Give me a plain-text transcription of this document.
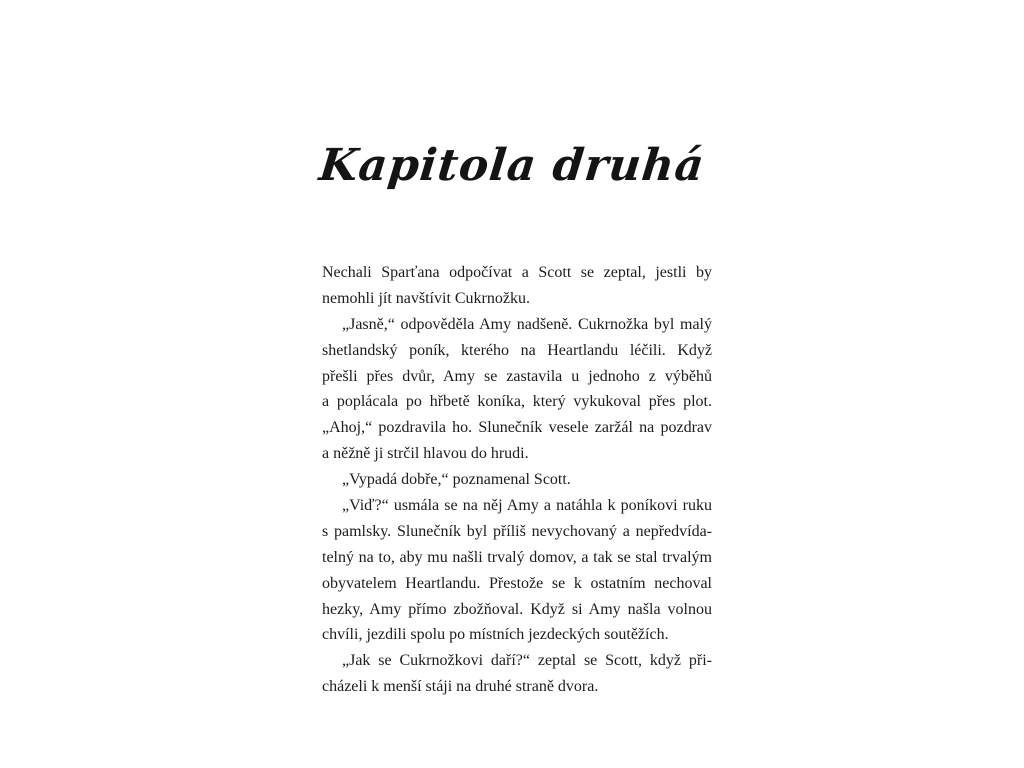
Kapitola druhá
Nechali Sparťana odpočívat a Scott se zeptal, jestli by
nemohli jít navštívit Cukrnožku.
„Jasně,“ odpověděla Amy nadšeně. Cukrnožka byl malý
shetlandský poník, kterého na Heartlandu léčili. Když
přešli přes dvůr, Amy se zastavila u jednoho z výběhů
a poplácala po hřbetě koníka, který vykukoval přes plot.
„Ahoj,“ pozdravila ho. Slunečník vesele zaržál na pozdrav
a něžně ji strčil hlavou do hrudi.
„Vypadá dobře,“ poznamenal Scott.
„Viď?“ usmála se na něj Amy a natáhla k poníkovi ruku
s pamlsky. Slunečník byl příliš nevychovaný a nepředvída-
telný na to, aby mu našli trvalý domov, a tak se stal trvalým
obyvatelem Heartlandu. Přestože se k ostatním nechoval
hezky, Amy přímo zbožňoval. Když si Amy našla volnou
chvíli, jezdili spolu po místních jezdeckých soutěžích.
„Jak se Cukrnožkovi daří?“ zeptal se Scott, když při-
cházeli k menší stáji na druhé straně dvora.
